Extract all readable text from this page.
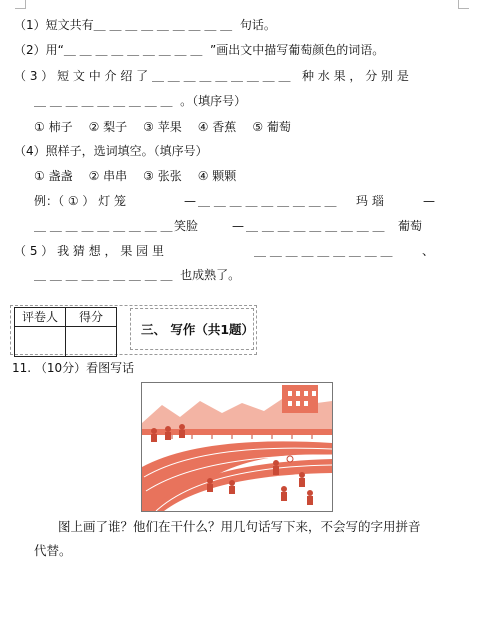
（1）短文共有＿ ＿ ＿ ＿ ＿ ＿ ＿ ＿ ＿ 句话。
（2）用“＿ ＿ ＿ ＿ ＿ ＿ ＿ ＿ ＿ ”画出文中描写葡萄颜色的词语。
（ 3 ） 短 文 中 介 绍 了 ＿ ＿ ＿ ＿ ＿ ＿ ＿ ＿ ＿ 种 水 果 ， 分 别 是
＿ ＿ ＿ ＿ ＿ ＿ ＿ ＿ ＿ 。（填序号）
① 柿子 ② 梨子 ③ 苹果 ④ 香蕉 ⑤ 葡萄
（4）照样子，选词填空。（填序号）
① 盏盏 ② 串串 ③ 张张 ④ 颗颗
例：（ ① ） 灯 笼	— ＿ ＿ ＿ ＿ ＿ ＿ ＿ ＿ ＿ 玛 瑙	—
＿ ＿ ＿ ＿ ＿ ＿ ＿ ＿ ＿ 笑脸	— ＿ ＿ ＿ ＿ ＿ ＿ ＿ ＿ ＿ 葡萄
（ 5 ） 我 猜 想 ， 果 园 里	＿ ＿ ＿ ＿ ＿ ＿ ＿ ＿ ＿ 、
＿ ＿ ＿ ＿ ＿ ＿ ＿ ＿ ＿ 也成熟了。
评卷人	得分

三、 写作（共1题）
11. （10分）看图写话
图上画了谁？他们在干什么？用几句话写下来，不会写的字用拼音
代替。
